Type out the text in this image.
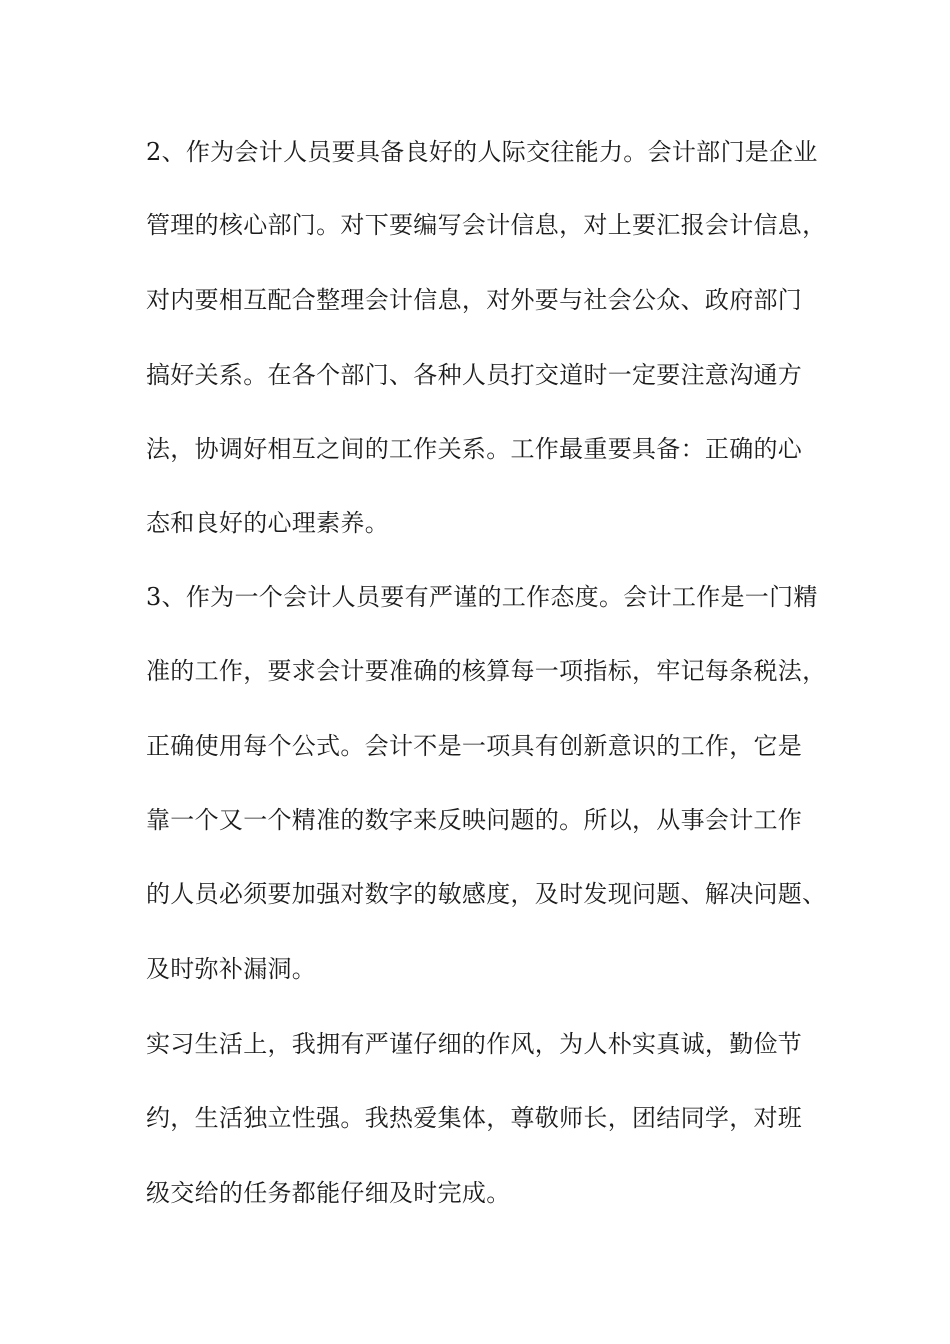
2、作为会计人员要具备良好的人际交往能力。会计部门是企业
管理的核心部门。对下要编写会计信息，对上要汇报会计信息，
对内要相互配合整理会计信息，对外要与社会公众、政府部门
搞好关系。在各个部门、各种人员打交道时一定要注意沟通方
法，协调好相互之间的工作关系。工作最重要具备：正确的心
态和良好的心理素养。
3、作为一个会计人员要有严谨的工作态度。会计工作是一门精
准的工作，要求会计要准确的核算每一项指标，牢记每条税法，
正确使用每个公式。会计不是一项具有创新意识的工作，它是
靠一个又一个精准的数字来反映问题的。所以，从事会计工作
的人员必须要加强对数字的敏感度，及时发现问题、解决问题、
及时弥补漏洞。
实习生活上，我拥有严谨仔细的作风，为人朴实真诚，勤俭节
约，生活独立性强。我热爱集体，尊敬师长，团结同学，对班
级交给的任务都能仔细及时完成。
